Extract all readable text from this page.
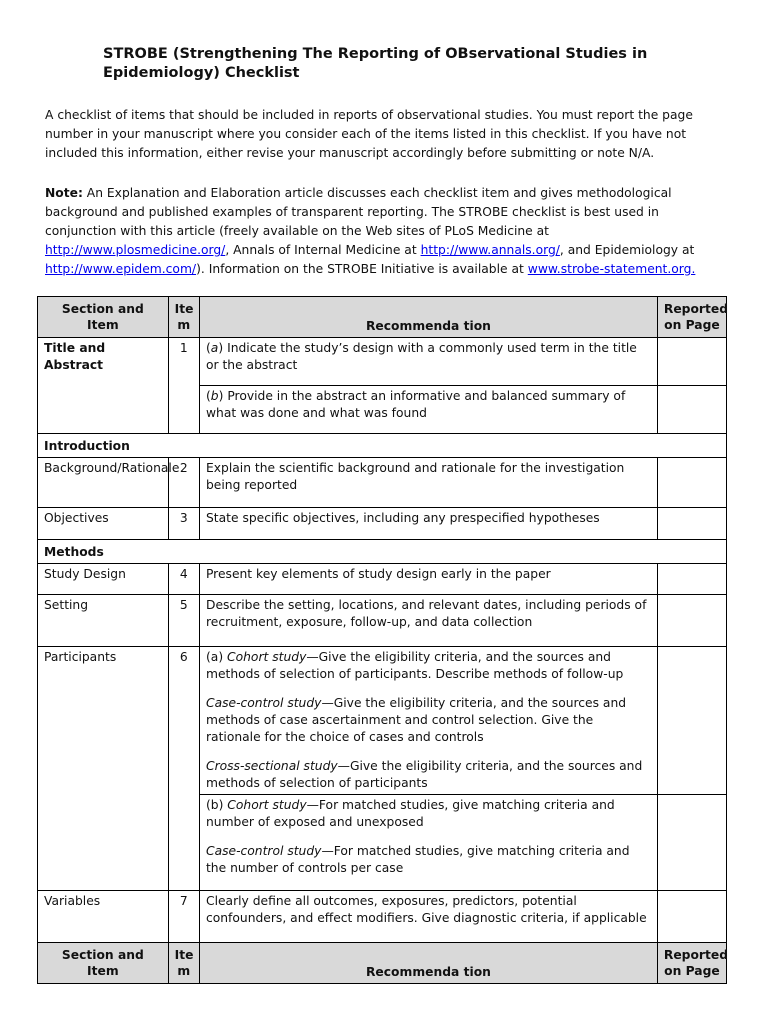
STROBE (Strengthening The Reporting of OBservational Studies in Epidemiology) Checklist
A checklist of items that should be included in reports of observational studies. You must report the page number in your manuscript where you consider each of the items listed in this checklist. If you have not included this information, either revise your manuscript accordingly before submitting or note N/A.
Note: An Explanation and Elaboration article discusses each checklist item and gives methodological background and published examples of transparent reporting. The STROBE checklist is best used in conjunction with this article (freely available on the Web sites of PLoS Medicine at http://www.plosmedicine.org/, Annals of Internal Medicine at http://www.annals.org/, and Epidemiology at http://www.epidem.com/). Information on the STROBE Initiative is available at www.strobe-statement.org.
Section and Item	Ite m	Recommenda tion	Reported on Page
Title and Abstract	1	(a) Indicate the study’s design with a commonly used term in the title or the abstract	
		(b) Provide in the abstract an informative and balanced summary of what was done and what was found	
Introduction			
Background/Rationale	2	Explain the scientific background and rationale for the investigation being reported	
Objectives	3	State specific objectives, including any prespecified hypotheses	
Methods			
Study Design	4	Present key elements of study design early in the paper	
Setting	5	Describe the setting, locations, and relevant dates, including periods of recruitment, exposure, follow-up, and data collection	
Participants	6	(a) Cohort study—Give the eligibility criteria, and the sources and methods of selection of participants. Describe methods of follow-up
Case-control study—Give the eligibility criteria, and the sources and methods of case ascertainment and control selection. Give the rationale for the choice of cases and controls
Cross-sectional study—Give the eligibility criteria, and the sources and methods of selection of participants	

		(b) Cohort study—For matched studies, give matching criteria and number of exposed and unexposed
Case-control study—For matched studies, give matching criteria and the number of controls per case	

Variables	7	Clearly define all outcomes, exposures, predictors, potential confounders, and effect modifiers. Give diagnostic criteria, if applicable	
Section and Item	Ite m	Recommenda tion	Reported on Page
